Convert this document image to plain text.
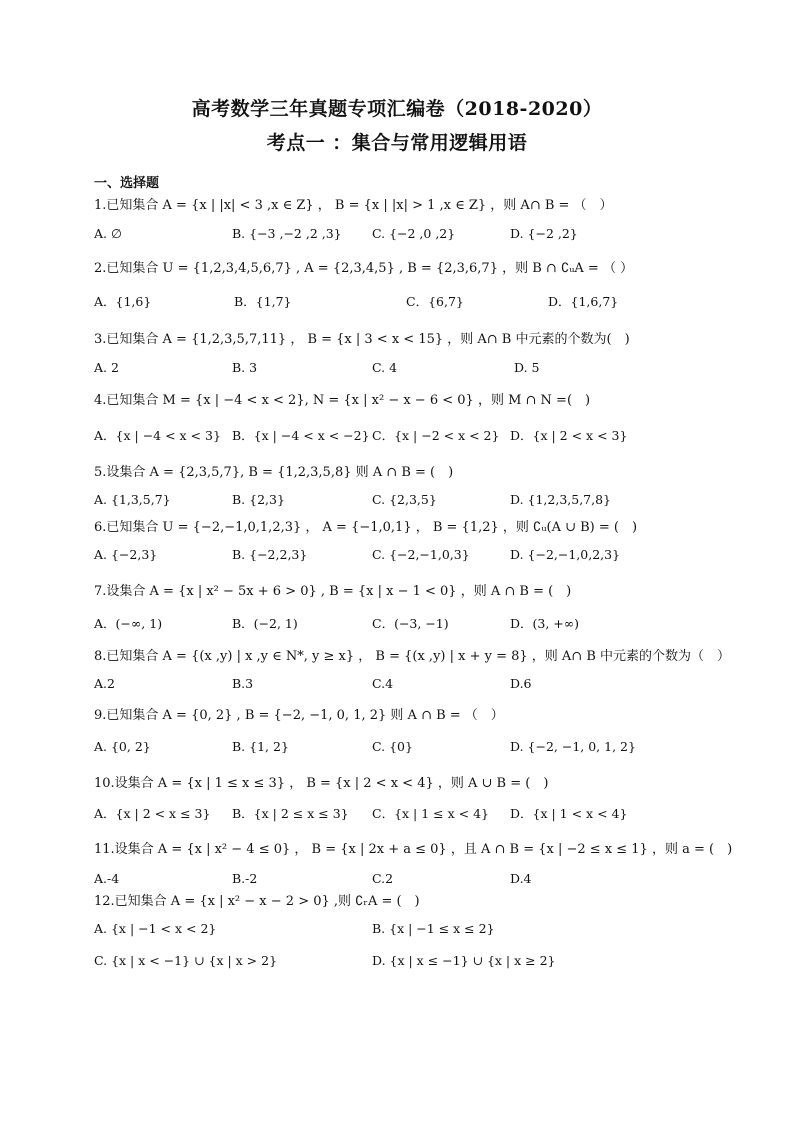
高考数学三年真题专项汇编卷（2018-2020）
考点一 ：集合与常用逻辑用语
一、选择题
1.已知集合 A = {x | |x| < 3 ,x ∈ Z} ， B = {x | |x| > 1 ,x ∈ Z} ，则 A∩ B = （　）
A. ∅	B. {−3 ,−2 ,2 ,3} C. {−2 ,0 ,2}	D. {−2 ,2}
2.已知集合 U = {1,2,3,4,5,6,7} , A = {2,3,4,5} , B = {2,3,6,7} ，则 B ∩ ∁ᵤA = （ ）
A．{1,6}	B．{1,7}	C．{6,7}	D．{1,6,7}
3.已知集合 A = {1,2,3,5,7,11} ， B = {x | 3 < x < 15} ，则 A∩ B 中元素的个数为(　)
A. 2	B. 3	C. 4	D. 5
4.已知集合 M = {x | −4 < x < 2}, N = {x | x² − x − 6 < 0} ，则 M ∩ N =(　)
A．{x | −4 < x < 3} B．{x | −4 < x < −2} C．{x | −2 < x < 2} D．{x | 2 < x < 3}
5.设集合 A = {2,3,5,7}, B = {1,2,3,5,8} 则 A ∩ B = (　)
A. {1,3,5,7}	B. {2,3}	C. {2,3,5}	D. {1,2,3,5,7,8}
6.已知集合 U = {−2,−1,0,1,2,3} ， A = {−1,0,1} ， B = {1,2} ，则 ∁ᵤ(A ∪ B) = (　)
A. {−2,3}	B. {−2,2,3}	C. {−2,−1,0,3}	D. {−2,−1,0,2,3}
7.设集合 A = {x | x² − 5x + 6 > 0} , B = {x | x − 1 < 0} ，则 A ∩ B = (　)
A．(−∞, 1)	B．(−2, 1)	C．(−3, −1)	D．(3, +∞)
8.已知集合 A = {(x ,y) | x ,y ∈ N*, y ≥ x} ， B = {(x ,y) | x + y = 8} ，则 A∩ B 中元素的个数为（　）
A.2	B.3	C.4	D.6
9.已知集合 A = {0, 2} , B = {−2, −1, 0, 1, 2} 则 A ∩ B = （　）
A. {0, 2}	B. {1, 2}	C. {0}	D. {−2, −1, 0, 1, 2}
10.设集合 A = {x | 1 ≤ x ≤ 3} ， B = {x | 2 < x < 4} ，则 A ∪ B = (　)
A．{x | 2 < x ≤ 3} B．{x | 2 ≤ x ≤ 3} C．{x | 1 ≤ x < 4} D．{x | 1 < x < 4}
11.设集合 A = {x | x² − 4 ≤ 0} ， B = {x | 2x + a ≤ 0} ，且 A ∩ B = {x | −2 ≤ x ≤ 1} ，则 a = (　)
A.-4	B.-2	C.2	D.4
12.已知集合 A = {x | x² − x − 2 > 0} ,则 ∁ᵣA = (　)
A. {x | −1 < x < 2}	B. {x | −1 ≤ x ≤ 2}
C. {x | x < −1} ∪ {x | x > 2}	D. {x | x ≤ −1} ∪ {x | x ≥ 2}
